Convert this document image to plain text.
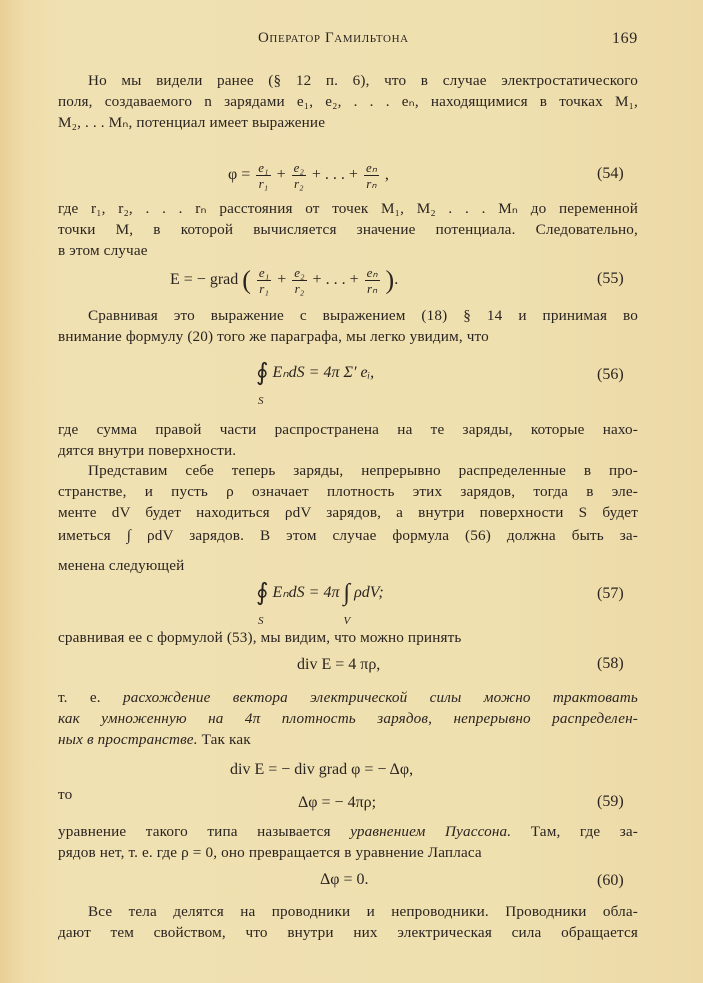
Оператор Гамильтона	169
Но мы видели ранее (§ 12 п. 6), что в случае электростатического
поля, создаваемого n зарядами e₁, e₂, . . . eₙ, находящимися в точках M₁,
M₂, . . . Mₙ, потенциал имеет выражение
$\varphi = \frac{\text{e₁}}{\text{r₁}} + \frac{\text{e₂}}{\text{r₂}}$ + . . . + $\frac{\text{eₙ}}{\text{rₙ}}$ ,	(54)
где r₁, r₂, . . . rₙ расстояния от точек M₁, M₂ . . . Mₙ до переменной
точки M, в которой вычисляется значение потенциала. Следовательно,
в этом случае
E = − grad ( $\frac{\text{e₁}}{\text{r₁}} + \frac{\text{e₂}}{\text{r₂}}$ + . . . + $\frac{\text{eₙ}}{\text{rₙ}}$ ).	(55)
Сравнивая это выражение с выражением (18) § 14 и принимая во
внимание формулу (20) того же параграфа, мы легко увидим, что
∮
S
EₙdS = 4π Σ′ eᵢ,	(56)
где сумма правой части распространена на те заряды, которые нахо-
дятся внутри поверхности.
Представим себе теперь заряды, непрерывно распределенные в про-
странстве, и пусть ρ означает плотность этих зарядов, тогда в эле-
менте dV будет находиться ρdV зарядов, а внутри поверхности S будет
иметься ∫ ρdV зарядов. В этом случае формула (56) должна быть за-
менена следующей
∮
S
EₙdS = 4π ∫
V
ρdV;	(57)
сравнивая ее с формулой (53), мы видим, что можно принять
div E = 4 πρ,	(58)
т. е. расхождение вектора электрической силы можно трактовать
как умноженную на 4π плотность зарядов, непрерывно распределен-
ных в пространстве. Так как
div E = − div grad φ = − Δφ,
то	Δφ = − 4πρ;	(59)
уравнение такого типа называется уравнением Пуассона. Там, где за-
рядов нет, т. е. где ρ = 0, оно превращается в уравнение Лапласа
Δφ = 0.	(60)
Все тела делятся на проводники и непроводники. Проводники обла-
дают тем свойством, что внутри них электрическая сила обращается
